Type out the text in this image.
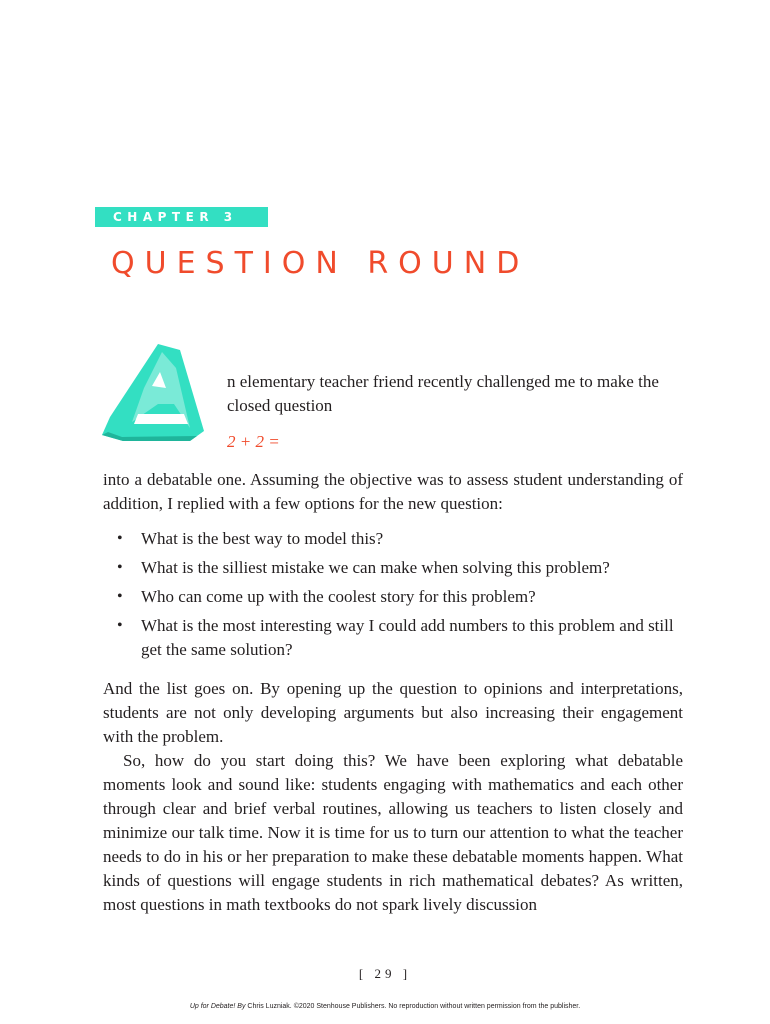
CHAPTER 3
QUESTION ROUND

n elementary teacher friend recently challenged me to make the closed question

2 + 2 =

into a debatable one. Assuming the objective was to assess student understanding of addition, I replied with a few options for the new question:

• What is the best way to model this?
• What is the silliest mistake we can make when solving this problem?
• Who can come up with the coolest story for this problem?
• What is the most interesting way I could add numbers to this problem and still get the same solution?

And the list goes on. By opening up the question to opinions and interpretations, students are not only developing arguments but also increasing their engagement with the problem.

So, how do you start doing this? We have been exploring what debatable moments look and sound like: students engaging with mathematics and each other through clear and brief verbal routines, allowing us teachers to listen closely and minimize our talk time. Now it is time for us to turn our attention to what the teacher needs to do in his or her preparation to make these debatable moments happen. What kinds of questions will engage students in rich mathematical debates? As written, most questions in math textbooks do not spark lively discussion

[ 29 ]
Up for Debate! By Chris Luzniak. ©2020 Stenhouse Publishers. No reproduction without written permission from the publisher.
